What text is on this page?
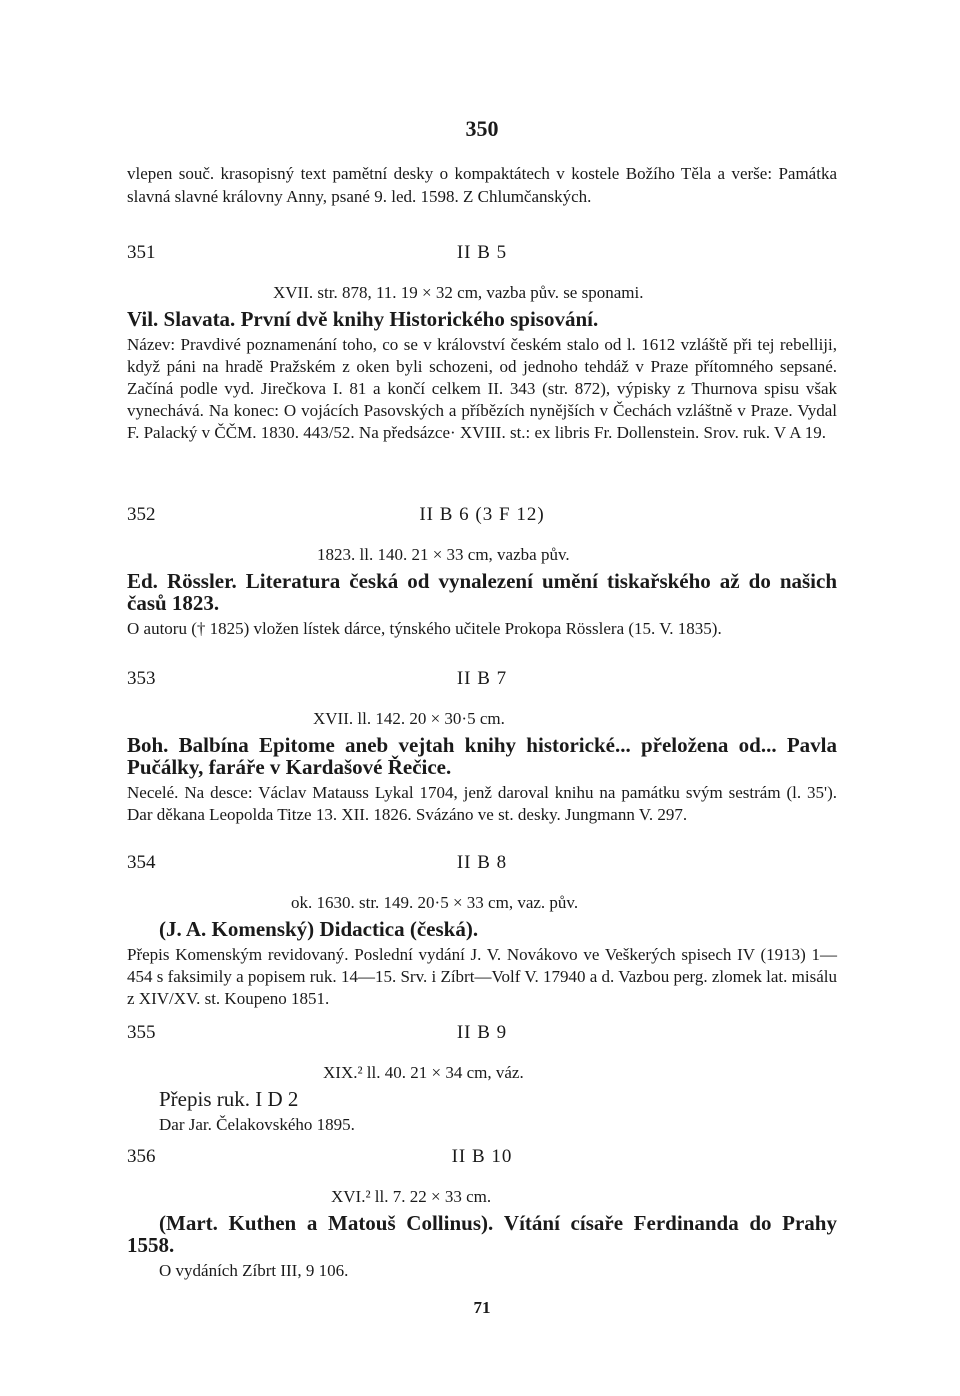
350

vlepen souč. krasopisný text pamětní desky o kompaktátech v kostele Božího Těla a verše: Památka slavná slavné královny Anny, psané 9. led. 1598. Z Chlumčanských.

351	II B 5
XVII. str. 878, 11. 19 × 32 cm, vazba pův. se sponami.
Vil. Slavata. První dvě knihy Historického spisování.

Název: Pravdivé poznamenání toho, co se v království českém stalo od l. 1612 vzláště při tej rebelliji, když páni na hradě Pražském z oken byli schozeni, od jednoho tehdáž v Praze přítomného sepsané. Začíná podle vyd. Jirečkova I. 81 a končí celkem II. 343 (str. 872), výpisky z Thurnova spisu však vynechává. Na konec: O vojácích Pasovských a příbězích nynějších v Čechách vzláštně v Praze. Vydal F. Palacký v ČČM. 1830. 443/52. Na předsázce· XVIII. st.: ex libris Fr. Dollenstein. Srov. ruk. V A 19.

352	II B 6 (3 F 12)
1823. ll. 140. 21 × 33 cm, vazba pův.
Ed. Rössler. Literatura česká od vynalezení umění tiskařského až do našich časů 1823.

O autoru († 1825) vložen lístek dárce, týnského učitele Prokopa Rösslera (15. V. 1835).

353	II B 7
XVII. ll. 142. 20 × 30·5 cm.
Boh. Balbína Epitome aneb vejtah knihy historické... přeložena od... Pavla Pučálky, faráře v Kardašové Řečice.

Necelé. Na desce: Václav Matauss Lykal 1704, jenž daroval knihu na památku svým sestrám (l. 35'). Dar děkana Leopolda Titze 13. XII. 1826. Svázáno ve st. desky. Jungmann V. 297.

354	II B 8
ok. 1630. str. 149. 20·5 × 33 cm, vaz. pův.
(J. A. Komenský) Didactica (česká).

Přepis Komenským revidovaný. Poslední vydání J. V. Novákovo ve Veškerých spisech IV (1913) 1—454 s faksimily a popisem ruk. 14—15. Srv. i Zíbrt—Volf V. 17940 a d. Vazbou perg. zlomek lat. misálu z XIV/XV. st. Koupeno 1851.

355	II B 9
XIX.² ll. 40. 21 × 34 cm, váz.
Přepis ruk. I D 2

Dar Jar. Čelakovského 1895.

356	II B 10
XVI.² ll. 7. 22 × 33 cm.
(Mart. Kuthen a Matouš Collinus). Vítání císaře Ferdinanda do Prahy 1558.

O vydáních Zíbrt III, 9 106.

71
